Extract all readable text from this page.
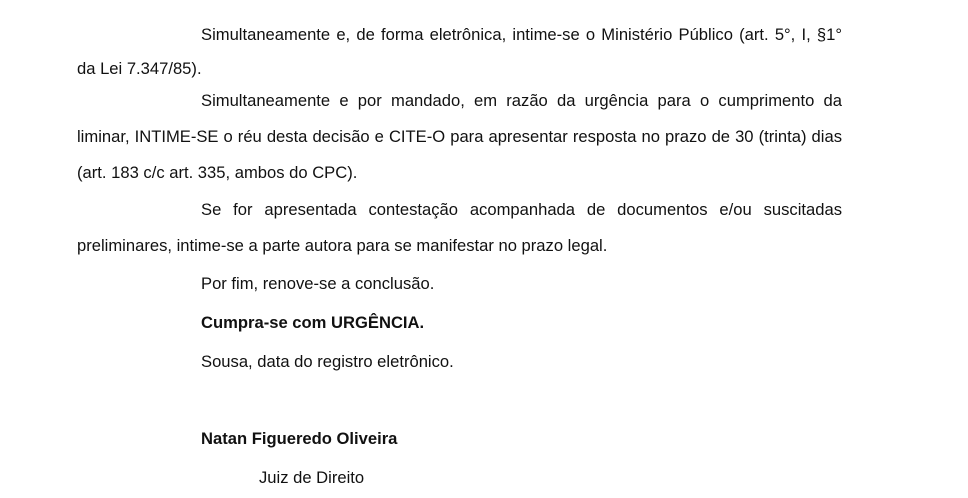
Simultaneamente e, de forma eletrônica, intime-se o Ministério Público (art. 5°, I, §1° da Lei 7.347/85).

Simultaneamente e por mandado, em razão da urgência para o cumprimento da liminar, INTIME-SE o réu desta decisão e CITE-O para apresentar resposta no prazo de 30 (trinta) dias (art. 183 c/c art. 335, ambos do CPC).

Se for apresentada contestação acompanhada de documentos e/ou suscitadas preliminares, intime-se a parte autora para se manifestar no prazo legal.

Por fim, renove-se a conclusão.

Cumpra-se com URGÊNCIA.

Sousa, data do registro eletrônico.

Natan Figueredo Oliveira

Juiz de Direito
